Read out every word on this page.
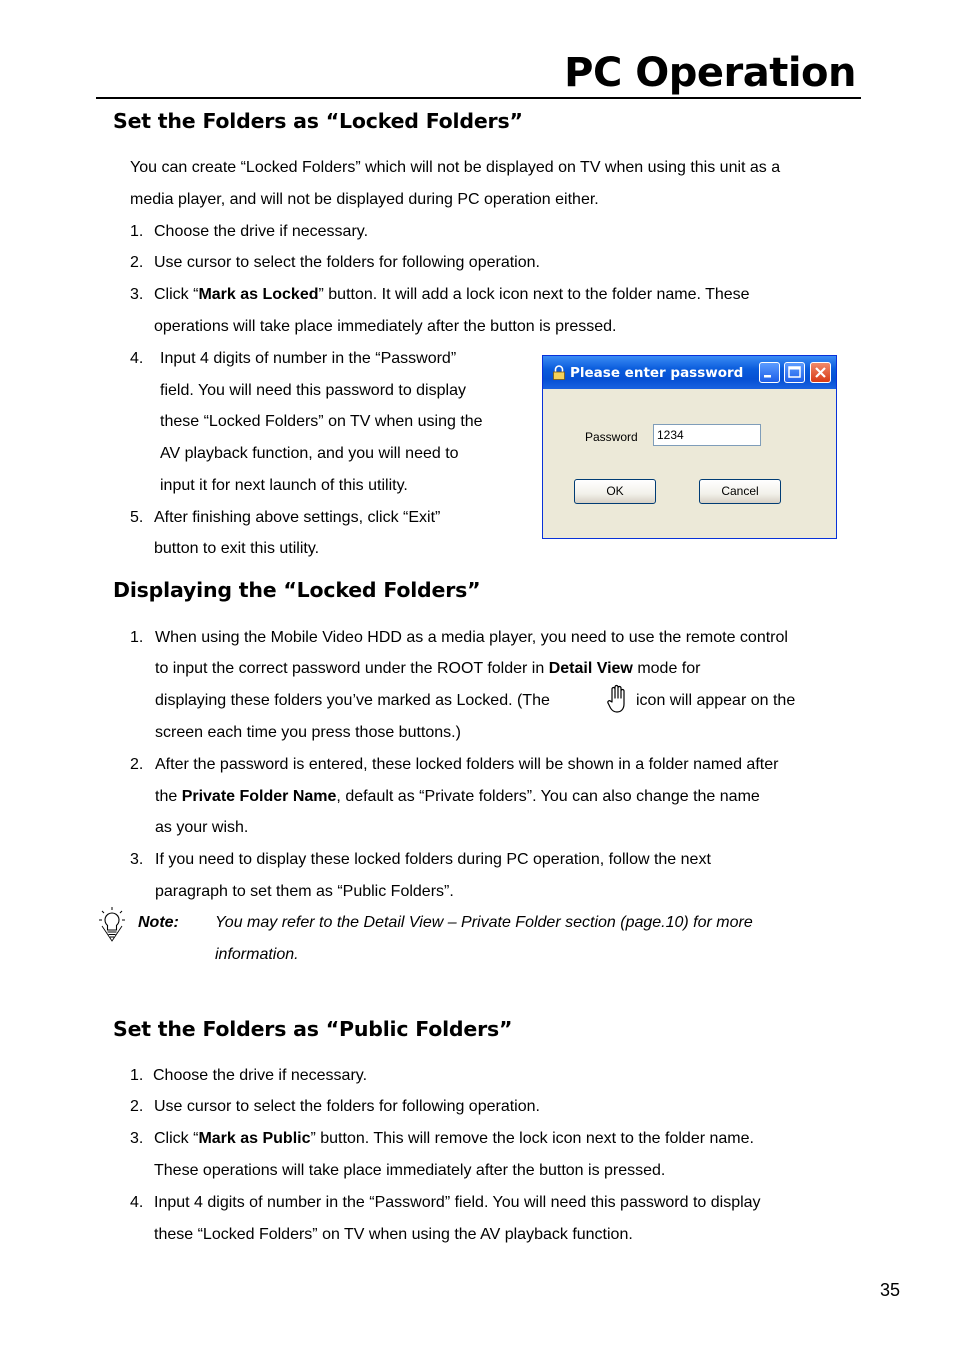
PC Operation
Set the Folders as “Locked Folders”
You can create “Locked Folders” which will not be displayed on TV when using this unit as a
media player, and will not be displayed during PC operation either.
1. Choose the drive if necessary.
2. Use cursor to select the folders for following operation.
3. Click “Mark as Locked” button. It will add a lock icon next to the folder name. These
operations will take place immediately after the button is pressed.
4. Input 4 digits of number in the “Password”
field. You will need this password to display
these “Locked Folders” on TV when using the
AV playback function, and you will need to
input it for next launch of this utility.
5. After finishing above settings, click “Exit”
button to exit this utility.
Please enter password
Password	1234
OK	Cancel
Displaying the “Locked Folders”
1. When using the Mobile Video HDD as a media player, you need to use the remote control
to input the correct password under the ROOT folder in Detail View mode for
displaying these folders you’ve marked as Locked. (The	icon will appear on the
screen each time you press those buttons.)
2. After the password is entered, these locked folders will be shown in a folder named after
the Private Folder Name, default as “Private folders”. You can also change the name
as your wish.
3. If you need to display these locked folders during PC operation, follow the next
paragraph to set them as “Public Folders”.
Note: You may refer to the Detail View – Private Folder section (page.10) for more
information.
Set the Folders as “Public Folders”
1. Choose the drive if necessary.
2. Use cursor to select the folders for following operation.
3. Click “Mark as Public” button. This will remove the lock icon next to the folder name.
These operations will take place immediately after the button is pressed.
4. Input 4 digits of number in the “Password” field. You will need this password to display
these “Locked Folders” on TV when using the AV playback function.
35
